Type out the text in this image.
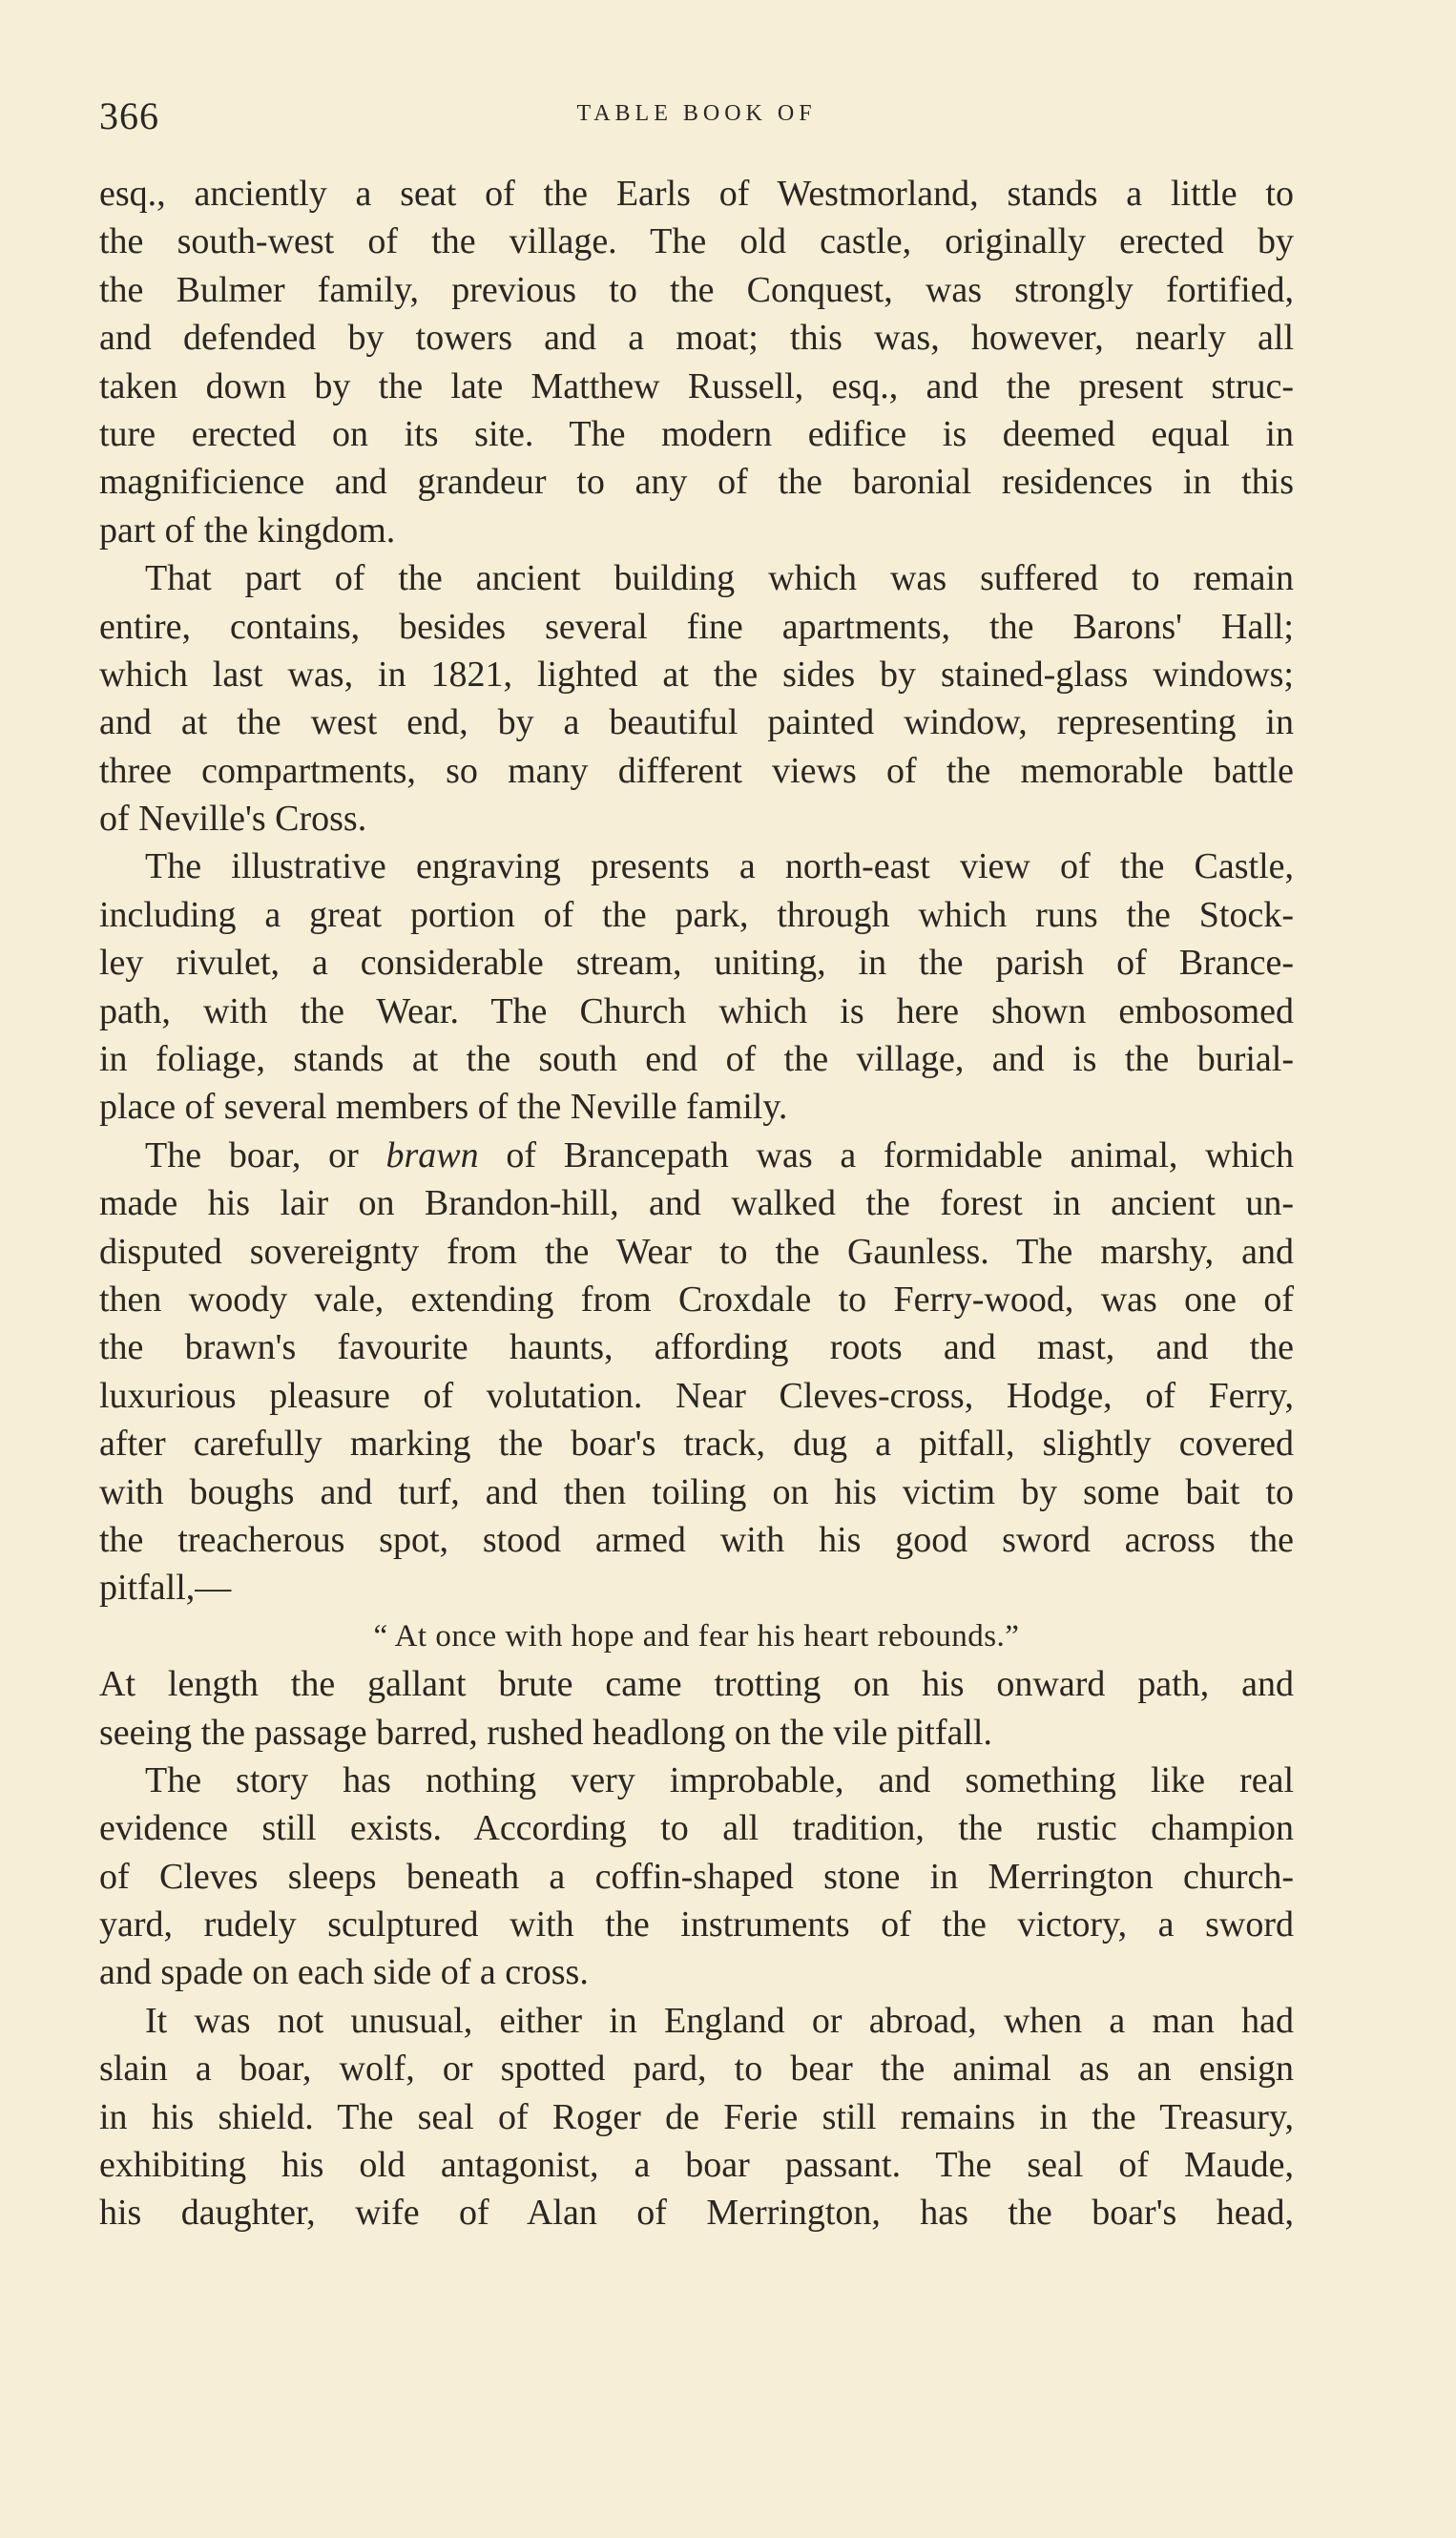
366	TABLE BOOK OF
esq., anciently a seat of the Earls of Westmorland, stands a little to
the south-west of the village. The old castle, originally erected by
the Bulmer family, previous to the Conquest, was strongly fortified,
and defended by towers and a moat; this was, however, nearly all
taken down by the late Matthew Russell, esq., and the present struc-
ture erected on its site. The modern edifice is deemed equal in
magnificience and grandeur to any of the baronial residences in this
part of the kingdom.
That part of the ancient building which was suffered to remain
entire, contains, besides several fine apartments, the Barons' Hall;
which last was, in 1821, lighted at the sides by stained-glass windows;
and at the west end, by a beautiful painted window, representing in
three compartments, so many different views of the memorable battle
of Neville's Cross.
The illustrative engraving presents a north-east view of the Castle,
including a great portion of the park, through which runs the Stock-
ley rivulet, a considerable stream, uniting, in the parish of Brance-
path, with the Wear. The Church which is here shown embosomed
in foliage, stands at the south end of the village, and is the burial-
place of several members of the Neville family.
The boar, or brawn of Brancepath was a formidable animal, which
made his lair on Brandon-hill, and walked the forest in ancient un-
disputed sovereignty from the Wear to the Gaunless. The marshy, and
then woody vale, extending from Croxdale to Ferry-wood, was one of
the brawn's favourite haunts, affording roots and mast, and the
luxurious pleasure of volutation. Near Cleves-cross, Hodge, of Ferry,
after carefully marking the boar's track, dug a pitfall, slightly covered
with boughs and turf, and then toiling on his victim by some bait to
the treacherous spot, stood armed with his good sword across the
pitfall,—
“ At once with hope and fear his heart rebounds.”
At length the gallant brute came trotting on his onward path, and
seeing the passage barred, rushed headlong on the vile pitfall.
The story has nothing very improbable, and something like real
evidence still exists. According to all tradition, the rustic champion
of Cleves sleeps beneath a coffin-shaped stone in Merrington church-
yard, rudely sculptured with the instruments of the victory, a sword
and spade on each side of a cross.
It was not unusual, either in England or abroad, when a man had
slain a boar, wolf, or spotted pard, to bear the animal as an ensign
in his shield. The seal of Roger de Ferie still remains in the Treasury,
exhibiting his old antagonist, a boar passant. The seal of Maude,
his daughter, wife of Alan of Merrington, has the boar's head,
